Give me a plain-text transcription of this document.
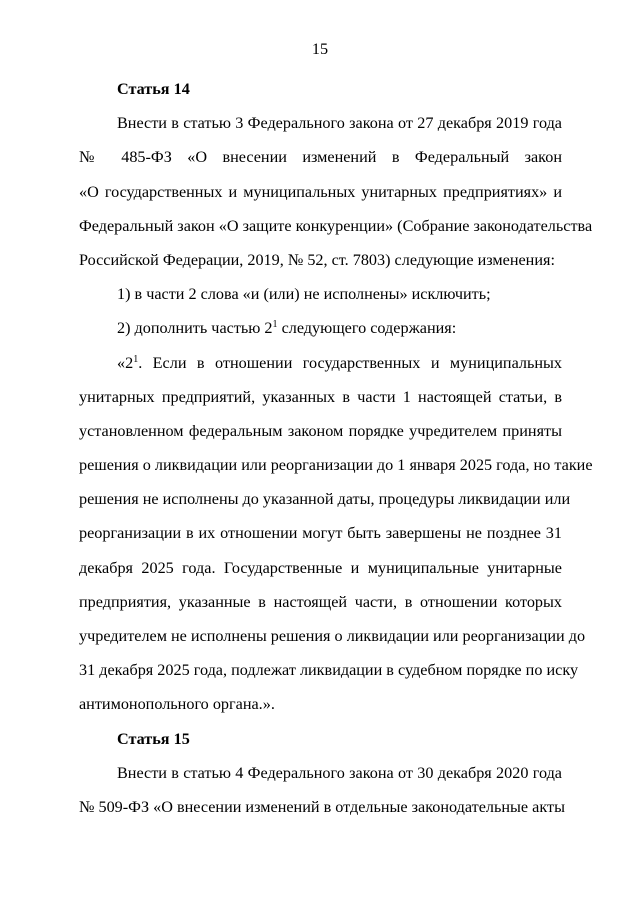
15
Статья 14
Внести в статью 3 Федерального закона от 27 декабря 2019 года
№ 485-ФЗ «О внесении изменений в Федеральный закон
«О государственных и муниципальных унитарных предприятиях» и
Федеральный закон «О защите конкуренции» (Собрание законодательства
Российской Федерации, 2019, № 52, ст. 7803) следующие изменения:
1) в части 2 слова «и (или) не исполнены» исключить;
2) дополнить частью $2^1$ следующего содержания:
«$2^1$. Если в отношении государственных и муниципальных
унитарных предприятий, указанных в части 1 настоящей статьи, в
установленном федеральным законом порядке учредителем приняты
решения о ликвидации или реорганизации до 1 января 2025 года, но такие
решения не исполнены до указанной даты, процедуры ликвидации или
реорганизации в их отношении могут быть завершены не позднее 31
декабря 2025 года. Государственные и муниципальные унитарные
предприятия, указанные в настоящей части, в отношении которых
учредителем не исполнены решения о ликвидации или реорганизации до
31 декабря 2025 года, подлежат ликвидации в судебном порядке по иску
антимонопольного органа.».
Статья 15
Внести в статью 4 Федерального закона от 30 декабря 2020 года
№ 509-ФЗ «О внесении изменений в отдельные законодательные акты
